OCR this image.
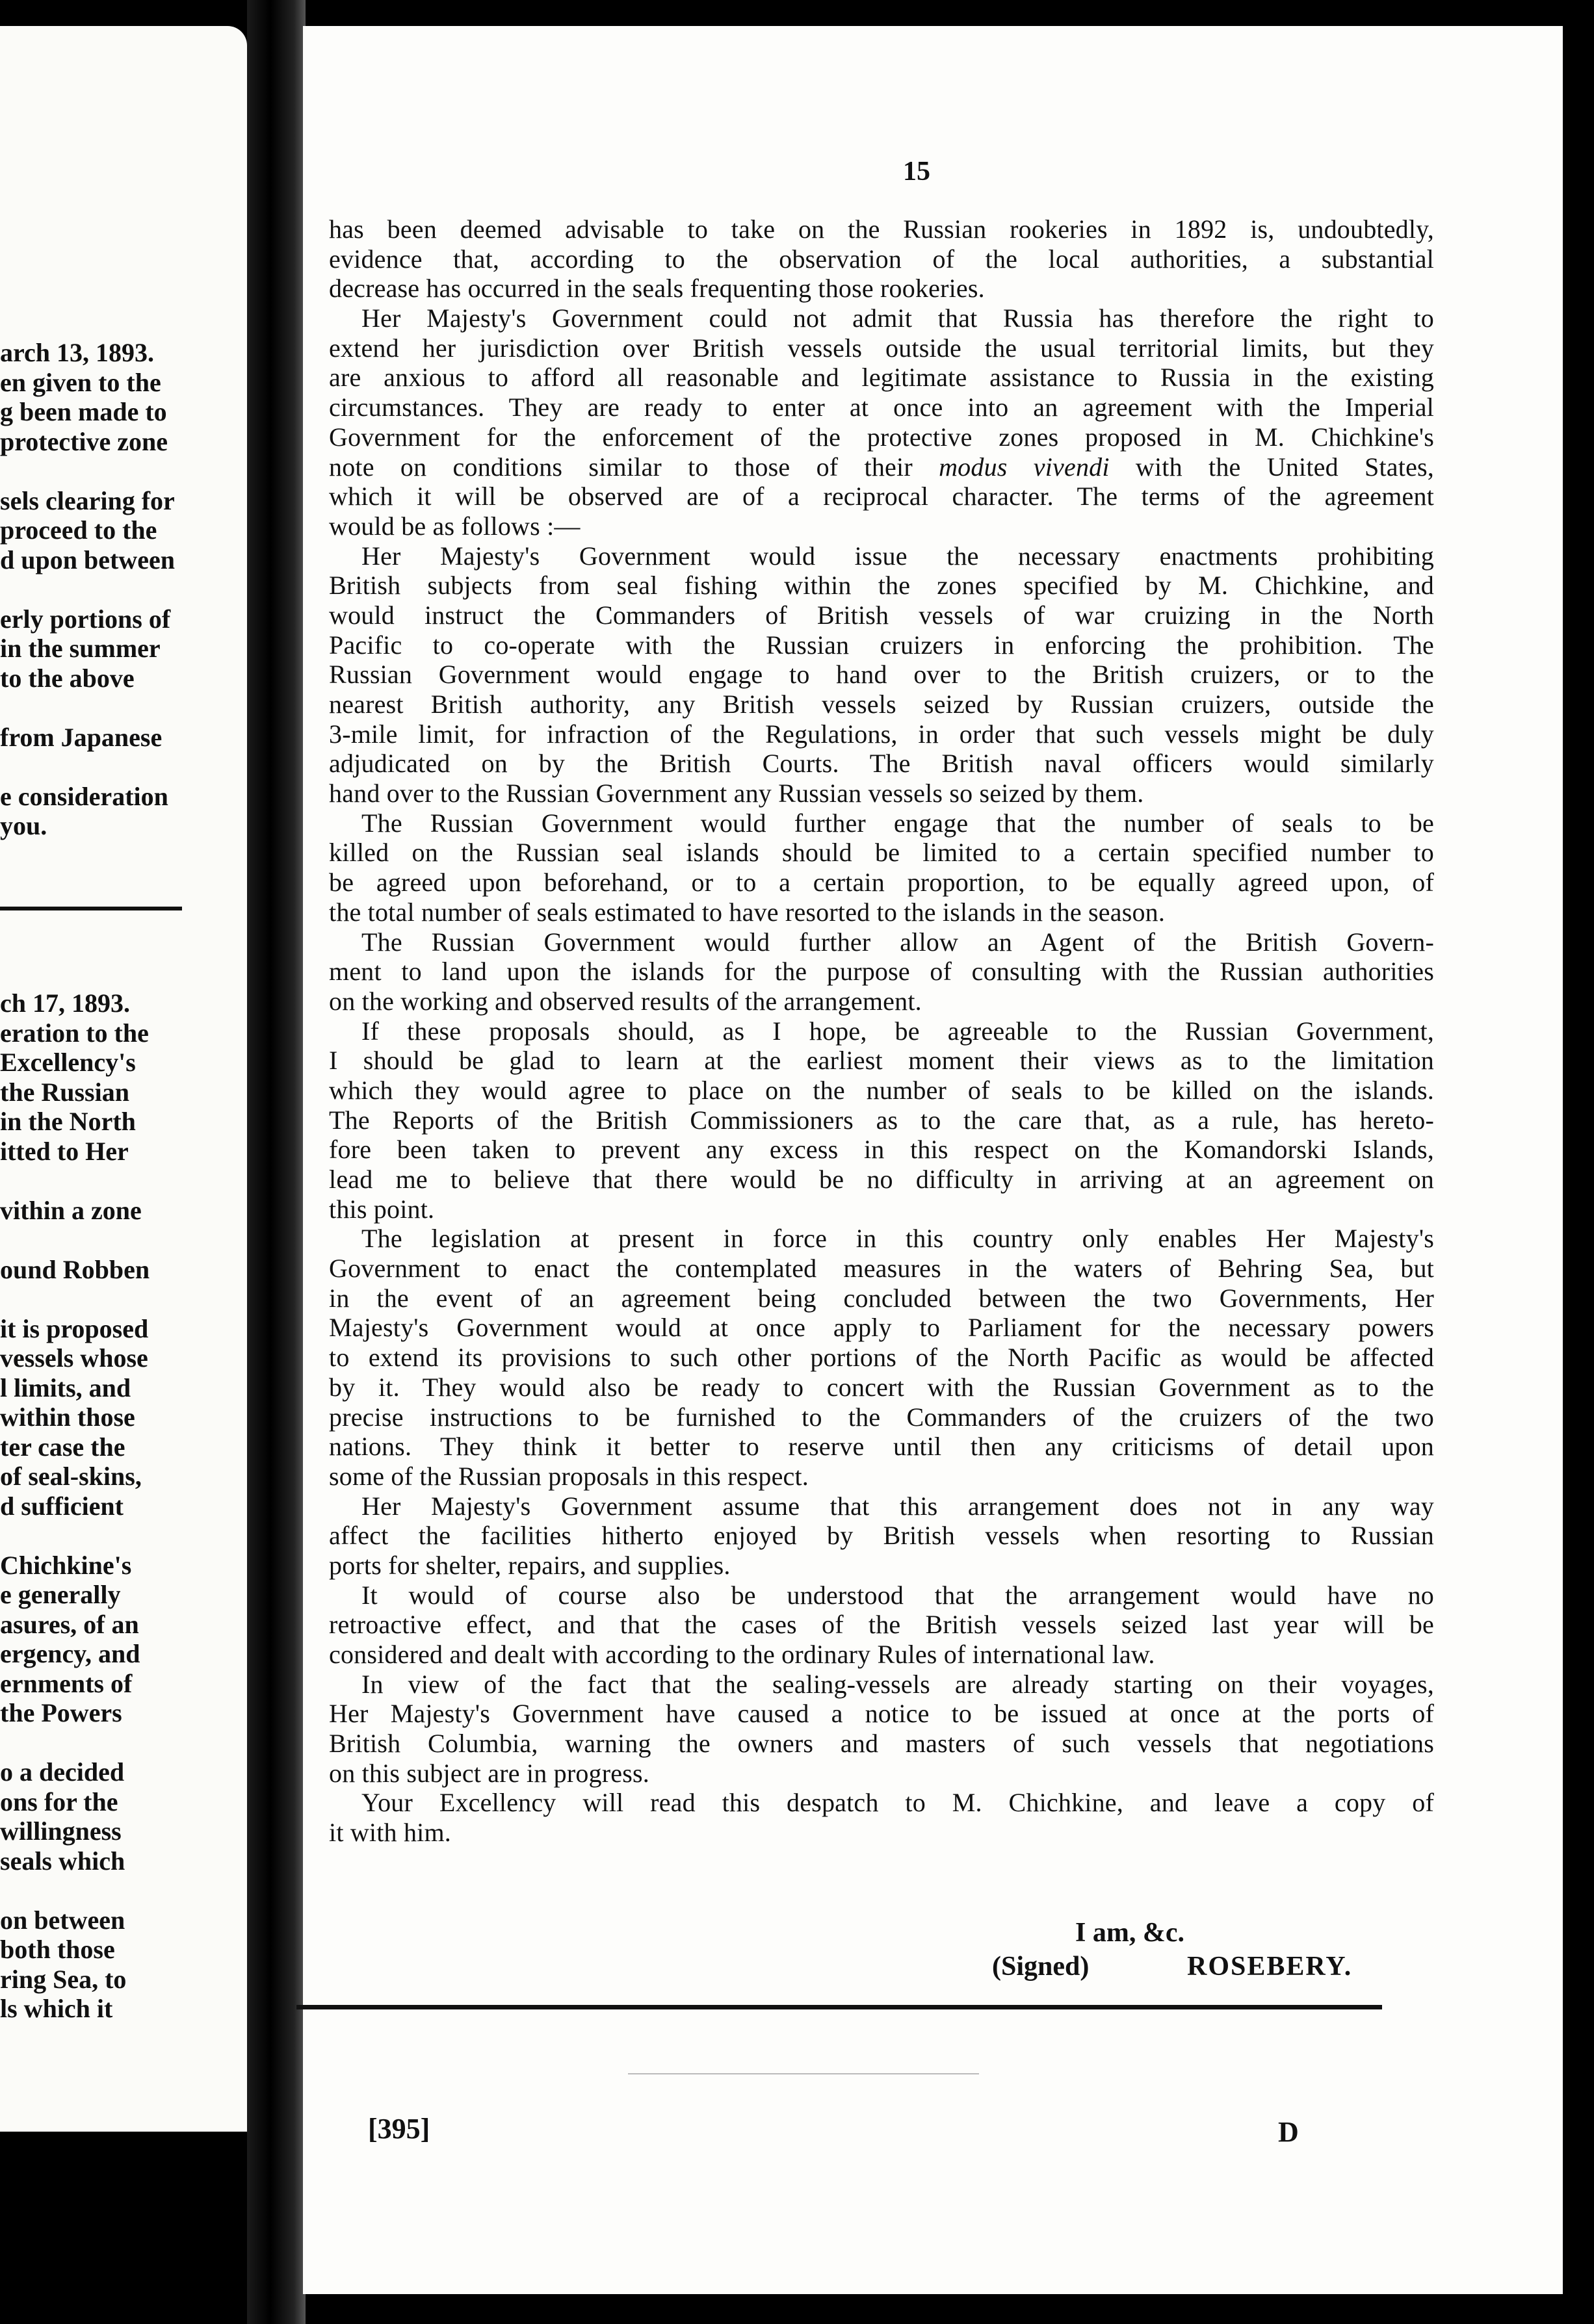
arch 13, 1893.
en given to the
g been made to
protective zone
sels clearing for
proceed to the
d upon between
erly portions of
in the summer
to the above
from Japanese
e consideration
you.
ch 17, 1893.
eration to the
Excellency's
the Russian
in the North
itted to Her
vithin a zone
ound Robben
it is proposed
vessels whose
l limits, and
within those
ter case the
of seal-skins,
d sufficient
Chichkine's
e generally
asures, of an
ergency, and
ernments of
the Powers
o a decided
ons for the
willingness
seals which
on between
both those
ring Sea, to
ls which it
15
has been deemed advisable to take on the Russian rookeries in 1892 is, undoubtedly,
evidence that, according to the observation of the local authorities, a substantial
decrease has occurred in the seals frequenting those rookeries.
Her Majesty's Government could not admit that Russia has therefore the right to
extend her jurisdiction over British vessels outside the usual territorial limits, but they
are anxious to afford all reasonable and legitimate assistance to Russia in the existing
circumstances. They are ready to enter at once into an agreement with the Imperial
Government for the enforcement of the protective zones proposed in M. Chichkine's
note on conditions similar to those of their modus vivendi with the United States,
which it will be observed are of a reciprocal character. The terms of the agreement
would be as follows :—
Her Majesty's Government would issue the necessary enactments prohibiting
British subjects from seal fishing within the zones specified by M. Chichkine, and
would instruct the Commanders of British vessels of war cruizing in the North
Pacific to co-operate with the Russian cruizers in enforcing the prohibition. The
Russian Government would engage to hand over to the British cruizers, or to the
nearest British authority, any British vessels seized by Russian cruizers, outside the
3-mile limit, for infraction of the Regulations, in order that such vessels might be duly
adjudicated on by the British Courts. The British naval officers would similarly
hand over to the Russian Government any Russian vessels so seized by them.
The Russian Government would further engage that the number of seals to be
killed on the Russian seal islands should be limited to a certain specified number to
be agreed upon beforehand, or to a certain proportion, to be equally agreed upon, of
the total number of seals estimated to have resorted to the islands in the season.
The Russian Government would further allow an Agent of the British Govern-
ment to land upon the islands for the purpose of consulting with the Russian authorities
on the working and observed results of the arrangement.
If these proposals should, as I hope, be agreeable to the Russian Government,
I should be glad to learn at the earliest moment their views as to the limitation
which they would agree to place on the number of seals to be killed on the islands.
The Reports of the British Commissioners as to the care that, as a rule, has hereto-
fore been taken to prevent any excess in this respect on the Komandorski Islands,
lead me to believe that there would be no difficulty in arriving at an agreement on
this point.
The legislation at present in force in this country only enables Her Majesty's
Government to enact the contemplated measures in the waters of Behring Sea, but
in the event of an agreement being concluded between the two Governments, Her
Majesty's Government would at once apply to Parliament for the necessary powers
to extend its provisions to such other portions of the North Pacific as would be affected
by it. They would also be ready to concert with the Russian Government as to the
precise instructions to be furnished to the Commanders of the cruizers of the two
nations. They think it better to reserve until then any criticisms of detail upon
some of the Russian proposals in this respect.
Her Majesty's Government assume that this arrangement does not in any way
affect the facilities hitherto enjoyed by British vessels when resorting to Russian
ports for shelter, repairs, and supplies.
It would of course also be understood that the arrangement would have no
retroactive effect, and that the cases of the British vessels seized last year will be
considered and dealt with according to the ordinary Rules of international law.
In view of the fact that the sealing-vessels are already starting on their voyages,
Her Majesty's Government have caused a notice to be issued at once at the ports of
British Columbia, warning the owners and masters of such vessels that negotiations
on this subject are in progress.
Your Excellency will read this despatch to M. Chichkine, and leave a copy of
it with him.
I am, &c.
(Signed)	ROSEBERY.
[395]	D
